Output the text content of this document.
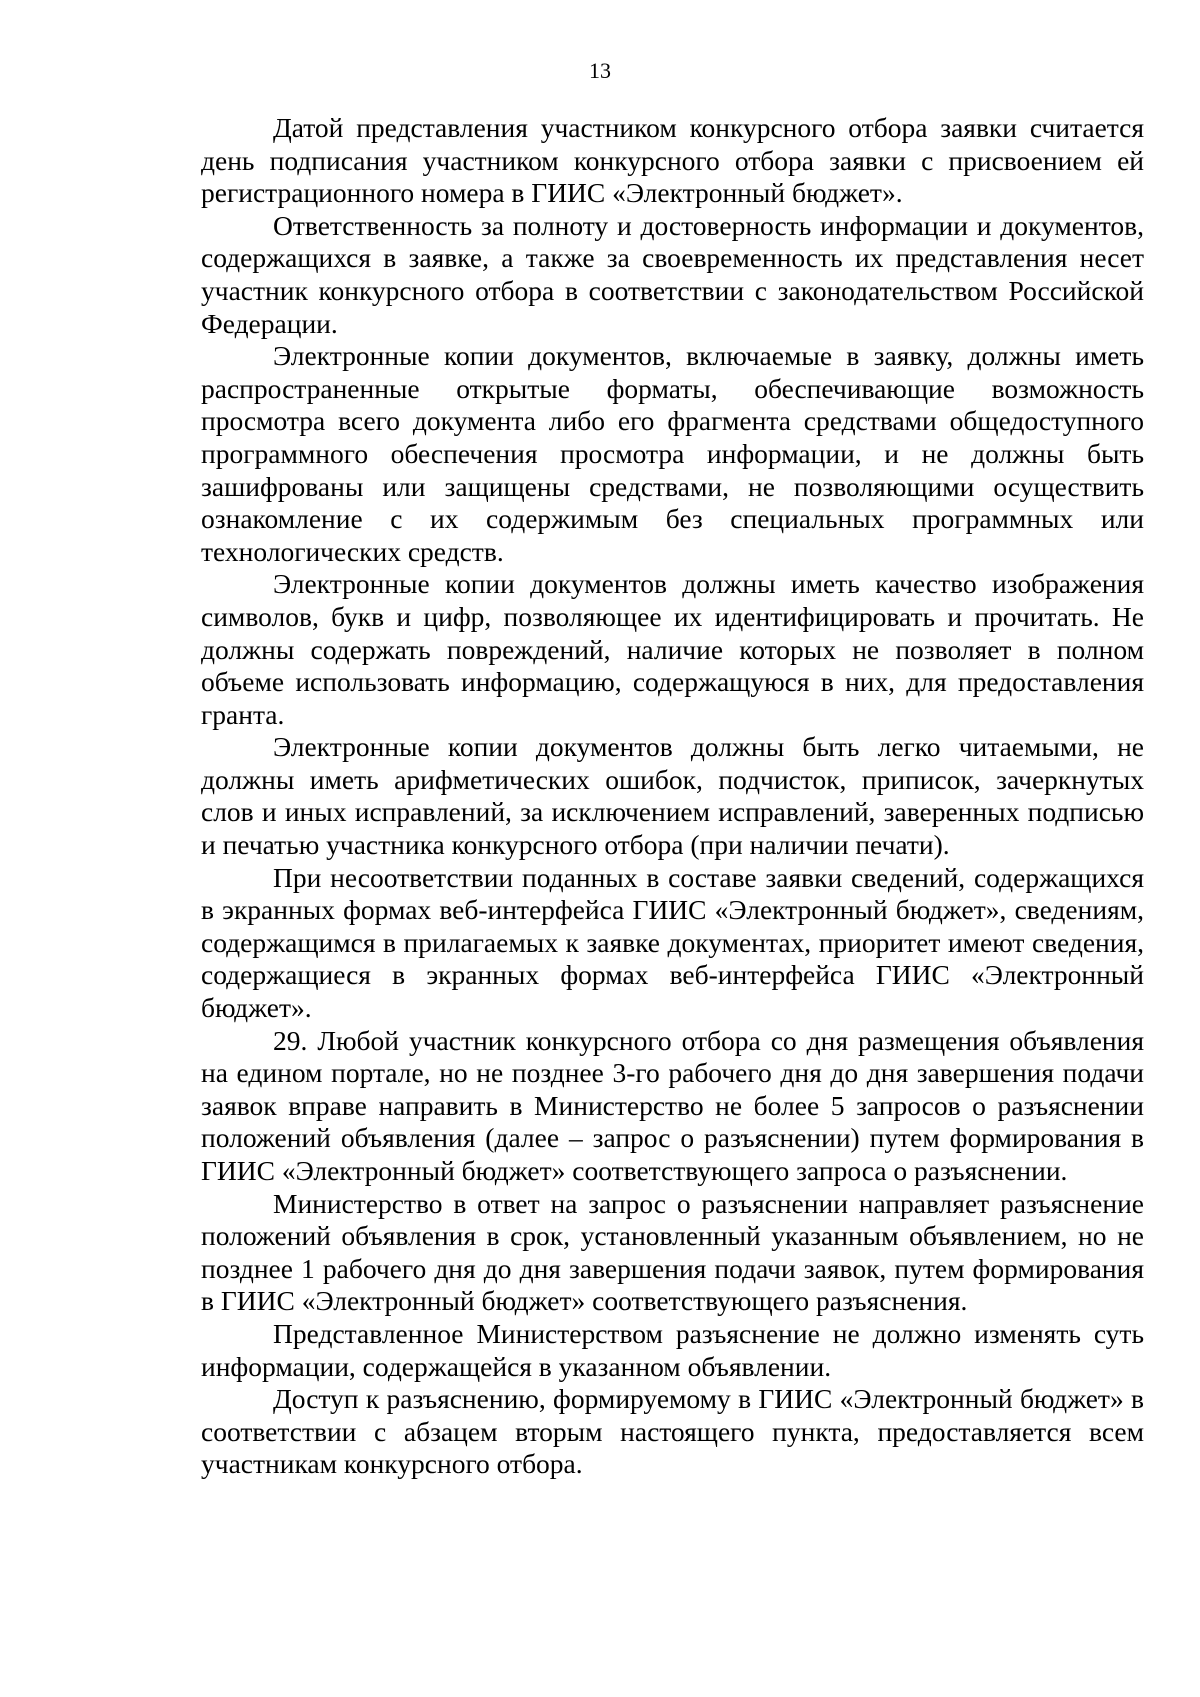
13

Датой представления участником конкурсного отбора заявки считается день подписания участником конкурсного отбора заявки с присвоением ей регистрационного номера в ГИИС «Электронный бюджет».

Ответственность за полноту и достоверность информации и документов, содержащихся в заявке, а также за своевременность их представления несет участник конкурсного отбора в соответствии с законодательством Российской Федерации.

Электронные копии документов, включаемые в заявку, должны иметь распространенные открытые форматы, обеспечивающие возможность просмотра всего документа либо его фрагмента средствами общедоступного программного обеспечения просмотра информации, и не должны быть зашифрованы или защищены средствами, не позволяющими осуществить ознакомление с их содержимым без специальных программных или технологических средств.

Электронные копии документов должны иметь качество изображения символов, букв и цифр, позволяющее их идентифицировать и прочитать. Не должны содержать повреждений, наличие которых не позволяет в полном объеме использовать информацию, содержащуюся в них, для предоставления гранта.

Электронные копии документов должны быть легко читаемыми, не должны иметь арифметических ошибок, подчисток, приписок, зачеркнутых слов и иных исправлений, за исключением исправлений, заверенных подписью и печатью участника конкурсного отбора (при наличии печати).

При несоответствии поданных в составе заявки сведений, содержащихся в экранных формах веб-интерфейса ГИИС «Электронный бюджет», сведениям, содержащимся в прилагаемых к заявке документах, приоритет имеют сведения, содержащиеся в экранных формах веб-интерфейса ГИИС «Электронный бюджет».

29. Любой участник конкурсного отбора со дня размещения объявления на едином портале, но не позднее 3-го рабочего дня до дня завершения подачи заявок вправе направить в Министерство не более 5 запросов о разъяснении положений объявления (далее – запрос о разъяснении) путем формирования в ГИИС «Электронный бюджет» соответствующего запроса о разъяснении.

Министерство в ответ на запрос о разъяснении направляет разъяснение положений объявления в срок, установленный указанным объявлением, но не позднее 1 рабочего дня до дня завершения подачи заявок, путем формирования в ГИИС «Электронный бюджет» соответствующего разъяснения.

Представленное Министерством разъяснение не должно изменять суть информации, содержащейся в указанном объявлении.

Доступ к разъяснению, формируемому в ГИИС «Электронный бюджет» в соответствии с абзацем вторым настоящего пункта, предоставляется всем участникам конкурсного отбора.
